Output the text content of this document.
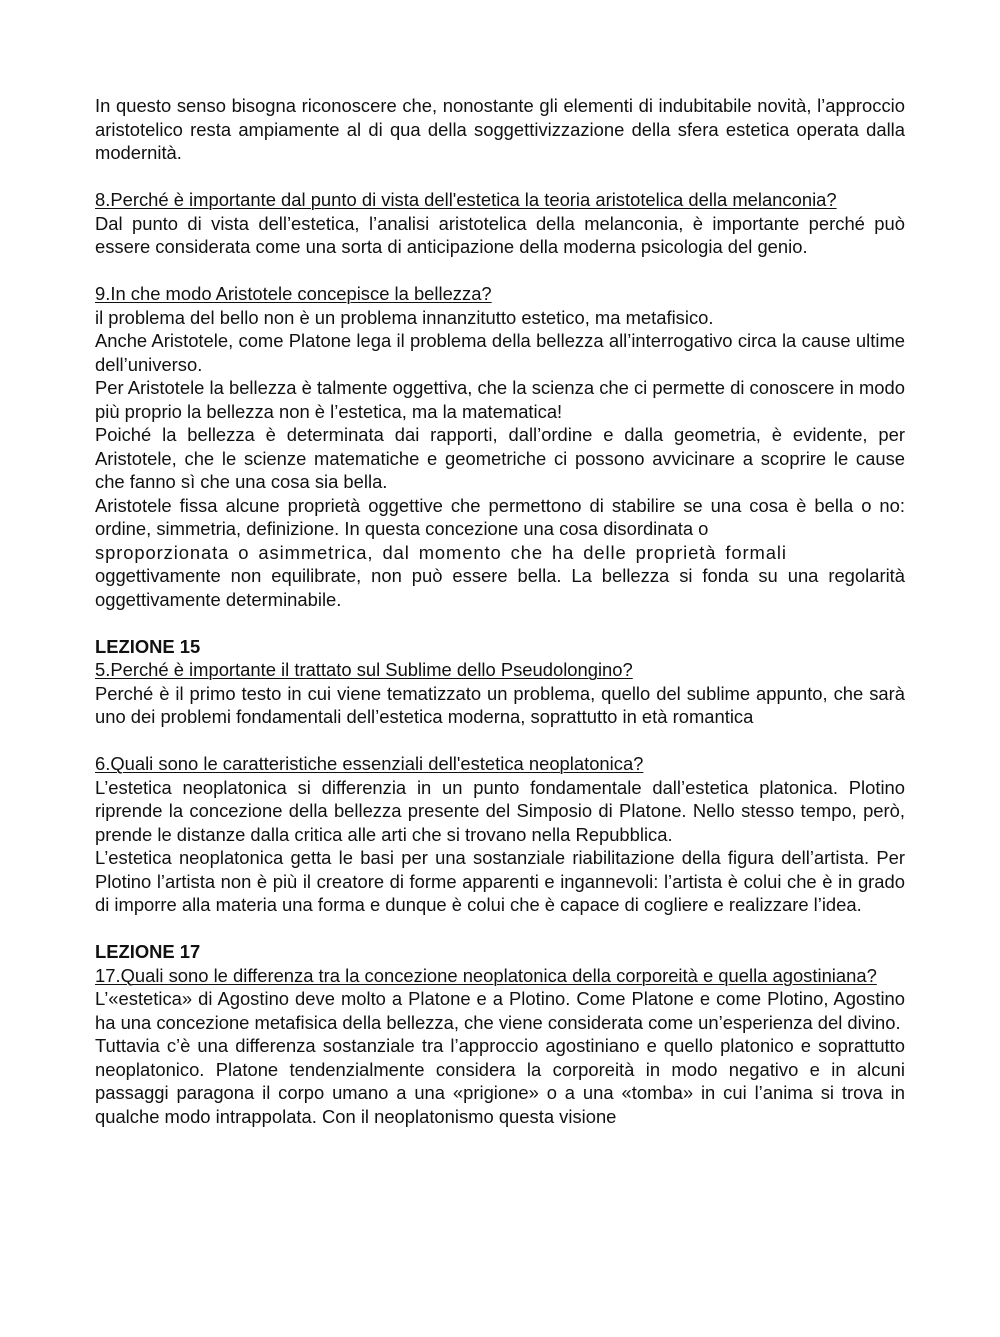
In questo senso bisogna riconoscere che, nonostante gli elementi di indubitabile novità, l’approccio aristotelico resta ampiamente al di qua della soggettivizzazione della sfera estetica operata dalla modernità.

8.Perché è importante dal punto di vista dell'estetica la teoria aristotelica della melanconia?

Dal punto di vista dell’estetica, l’analisi aristotelica della melanconia, è importante perché può essere considerata come una sorta di anticipazione della moderna psicologia del genio.

9.In che modo Aristotele concepisce la bellezza?

il problema del bello non è un problema innanzitutto estetico, ma metafisico.

Anche Aristotele, come Platone lega il problema della bellezza all’interrogativo circa la cause ultime dell’universo.

Per Aristotele la bellezza è talmente oggettiva, che la scienza che ci permette di conoscere in modo più proprio la bellezza non è l’estetica, ma la matematica!

Poiché la bellezza è determinata dai rapporti, dall’ordine e dalla geometria, è evidente, per Aristotele, che le scienze matematiche e geometriche ci possono avvicinare a scoprire le cause che fanno sì che una cosa sia bella.

Aristotele fissa alcune proprietà oggettive che permettono di stabilire se una cosa è bella o no: ordine, simmetria, definizione. In questa concezione una cosa disordinata o

sproporzionata o asimmetrica, dal momento che ha delle proprietà formali

oggettivamente non equilibrate, non può essere bella. La bellezza si fonda su una regolarità oggettivamente determinabile.

LEZIONE 15

5.Perché è importante il trattato sul Sublime dello Pseudolongino?

Perché è il primo testo in cui viene tematizzato un problema, quello del sublime appunto, che sarà uno dei problemi fondamentali dell’estetica moderna, soprattutto in età romantica

6.Quali sono le caratteristiche essenziali dell'estetica neoplatonica?

L’estetica neoplatonica si differenzia in un punto fondamentale dall’estetica platonica. Plotino riprende la concezione della bellezza presente del Simposio di Platone. Nello stesso tempo, però, prende le distanze dalla critica alle arti che si trovano nella Repubblica.

L’estetica neoplatonica getta le basi per una sostanziale riabilitazione della figura dell’artista. Per Plotino l’artista non è più il creatore di forme apparenti e ingannevoli: l’artista è colui che è in grado di imporre alla materia una forma e dunque è colui che è capace di cogliere e realizzare l’idea.

LEZIONE 17

17.Quali sono le differenza tra la concezione neoplatonica della corporeità e quella agostiniana?

L’«estetica» di Agostino deve molto a Platone e a Plotino. Come Platone e come Plotino, Agostino ha una concezione metafisica della bellezza, che viene considerata come un’esperienza del divino.

Tuttavia c’è una differenza sostanziale tra l’approccio agostiniano e quello platonico e soprattutto neoplatonico. Platone tendenzialmente considera la corporeità in modo negativo e in alcuni passaggi paragona il corpo umano a una «prigione» o a una «tomba» in cui l’anima si trova in qualche modo intrappolata. Con il neoplatonismo questa visione
